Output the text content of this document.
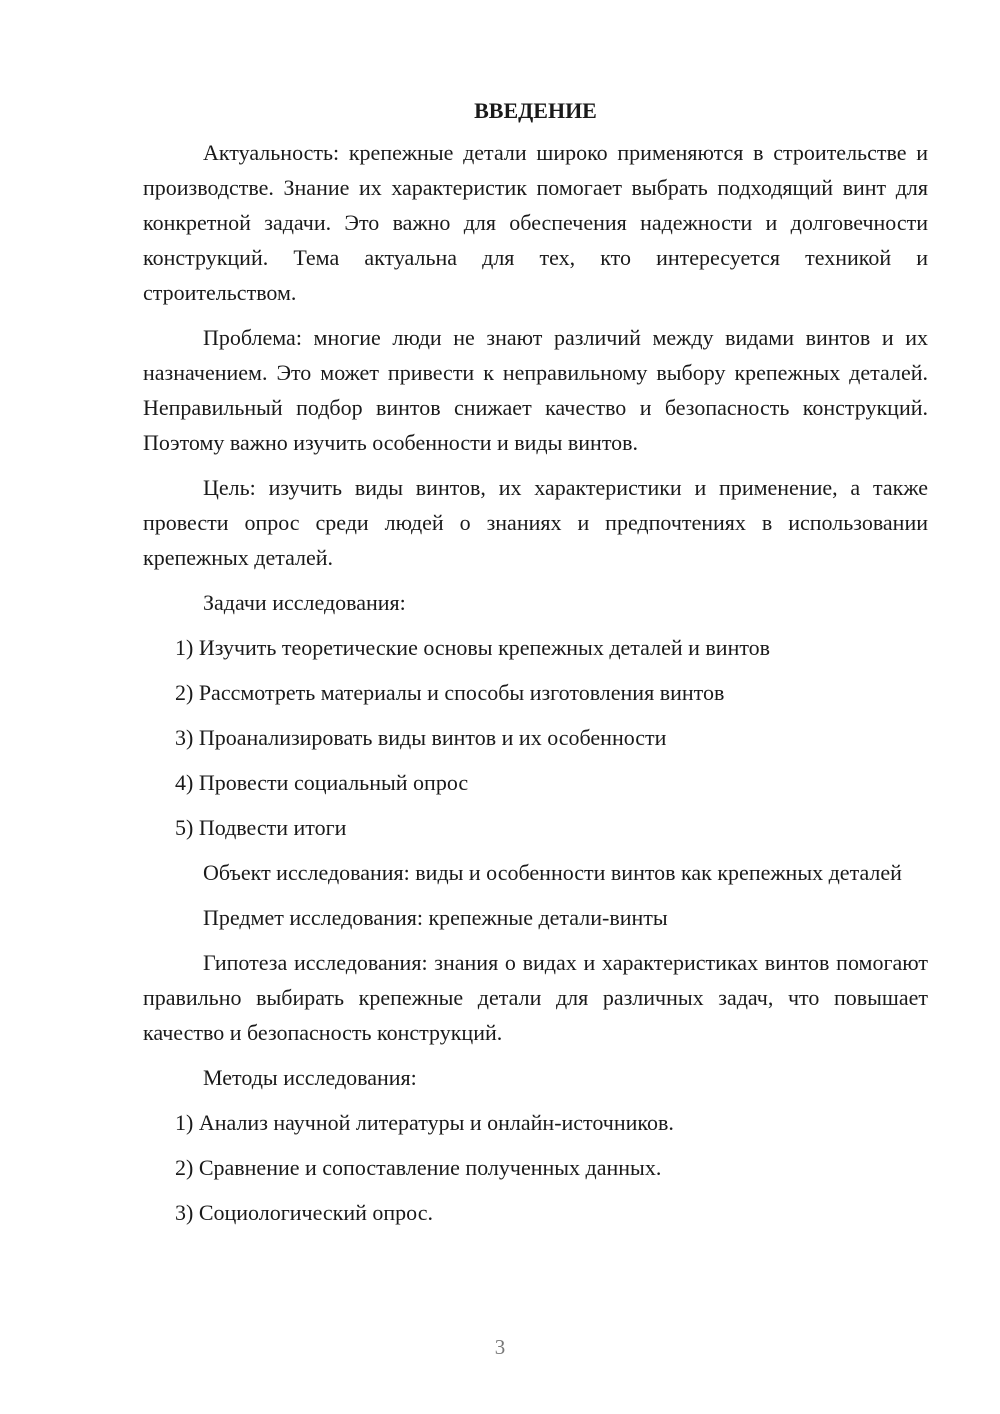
ВВЕДЕНИЕ

Актуальность: крепежные детали широко применяются в строительстве и производстве. Знание их характеристик помогает выбрать подходящий винт для конкретной задачи. Это важно для обеспечения надежности и долговечности конструкций. Тема актуальна для тех, кто интересуется техникой и строительством.

Проблема: многие люди не знают различий между видами винтов и их назначением. Это может привести к неправильному выбору крепежных деталей. Неправильный подбор винтов снижает качество и безопасность конструкций. Поэтому важно изучить особенности и виды винтов.

Цель: изучить виды винтов, их характеристики и применение, а также провести опрос среди людей о знаниях и предпочтениях в использовании крепежных деталей.

Задачи исследования:

1) Изучить теоретические основы крепежных деталей и винтов

2) Рассмотреть материалы и способы изготовления винтов

3) Проанализировать виды винтов и их особенности

4) Провести социальный опрос

5) Подвести итоги

Объект исследования: виды и особенности винтов как крепежных деталей

Предмет исследования: крепежные детали-винты

Гипотеза исследования: знания о видах и характеристиках винтов помогают правильно выбирать крепежные детали для различных задач, что повышает качество и безопасность конструкций.

Методы исследования:

1) Анализ научной литературы и онлайн-источников.

2) Сравнение и сопоставление полученных данных.

3) Социологический опрос.

3
